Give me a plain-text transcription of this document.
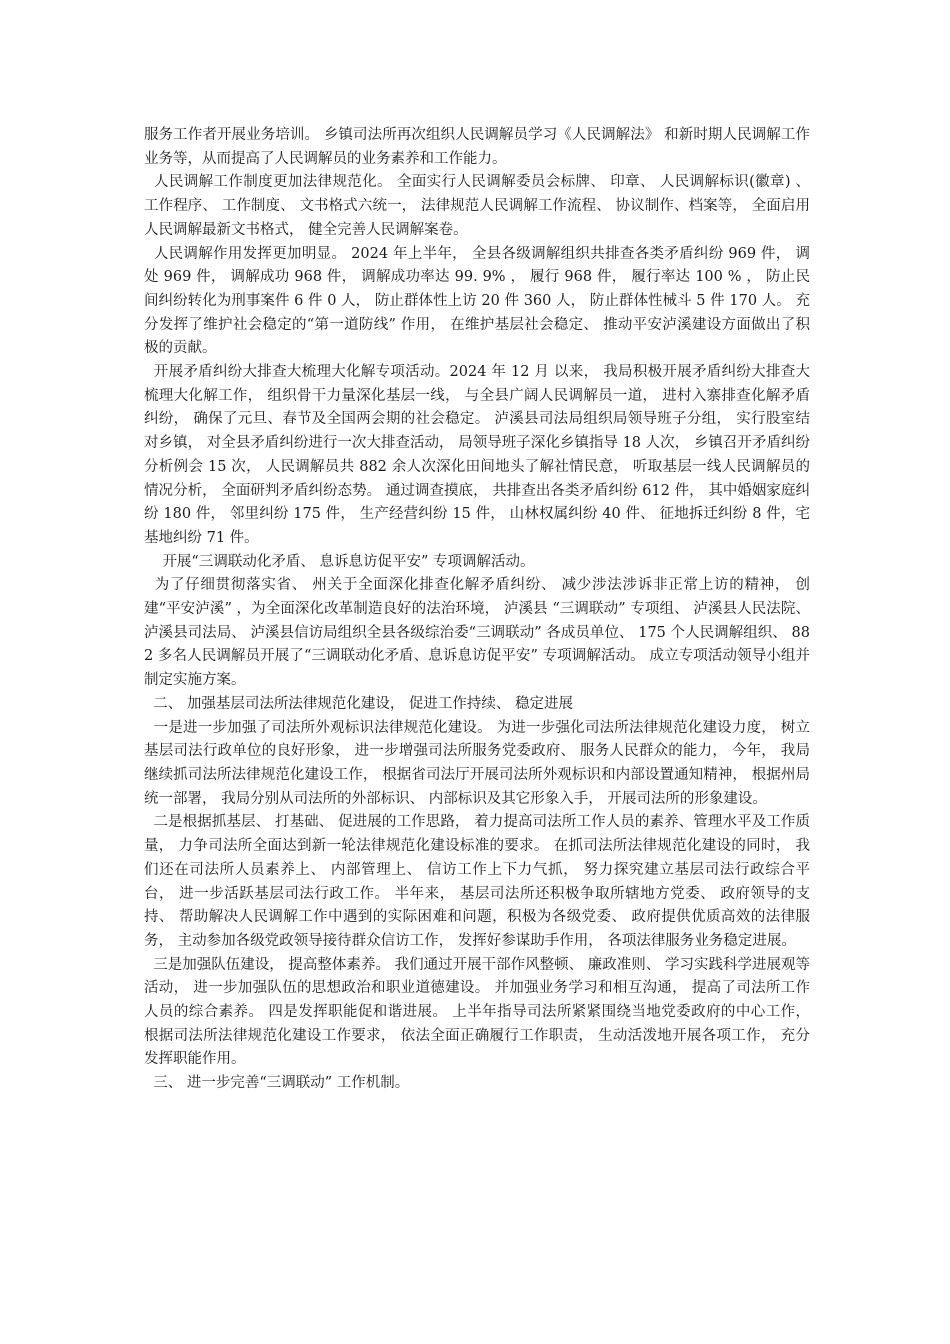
服务工作者开展业务培训。 乡镇司法所再次组织人民调解员学习《人民调解法》 和新时期人民调解工作业务等，从而提高了人民调解员的业务素养和工作能力。

人民调解工作制度更加法律规范化。 全面实行人民调解委员会标牌、 印章、 人民调解标识(徽章) 、 工作程序、 工作制度、 文书格式六统一， 法律规范人民调解工作流程、 协议制作、档案等， 全面启用人民调解最新文书格式， 健全完善人民调解案卷。

人民调解作用发挥更加明显。 2024 年上半年， 全县各级调解组织共排查各类矛盾纠纷 969 件， 调处 969 件， 调解成功 968 件， 调解成功率达 99. 9% ， 履行 968 件， 履行率达 100 % ， 防止民间纠纷转化为刑事案件 6 件 0 人， 防止群体性上访 20 件 360 人， 防止群体性械斗 5 件 170 人。 充分发挥了维护社会稳定的“第一道防线” 作用， 在维护基层社会稳定、 推动平安泸溪建设方面做出了积极的贡献。

开展矛盾纠纷大排查大梳理大化解专项活动。2024 年 12 月 以来， 我局积极开展矛盾纠纷大排查大梳理大化解工作， 组织骨干力量深化基层一线， 与全县广阔人民调解员一道， 进村入寨排查化解矛盾纠纷， 确保了元旦、春节及全国两会期的社会稳定。 泸溪县司法局组织局领导班子分组， 实行股室结对乡镇， 对全县矛盾纠纷进行一次大排查活动， 局领导班子深化乡镇指导 18 人次， 乡镇召开矛盾纠纷分析例会 15 次， 人民调解员共 882 余人次深化田间地头了解社情民意， 听取基层一线人民调解员的情况分析， 全面研判矛盾纠纷态势。 通过调查摸底， 共排查出各类矛盾纠纷 612 件， 其中婚姻家庭纠纷 180 件， 邻里纠纷 175 件， 生产经营纠纷 15 件， 山林权属纠纷 40 件、 征地拆迁纠纷 8 件，宅基地纠纷 71 件。

开展“三调联动化矛盾、 息诉息访促平安” 专项调解活动。

为了仔细贯彻落实省、 州关于全面深化排查化解矛盾纠纷、 减少涉法涉诉非正常上访的精神， 创建“平安泸溪” ，为全面深化改革制造良好的法治环境， 泸溪县 “三调联动” 专项组、 泸溪县人民法院、 泸溪县司法局、 泸溪县信访局组织全县各级综治委“三调联动” 各成员单位、 175 个人民调解组织、 882 多名人民调解员开展了“三调联动化矛盾、息诉息访促平安” 专项调解活动。 成立专项活动领导小组并制定实施方案。

二、 加强基层司法所法律规范化建设， 促进工作持续、 稳定进展

一是进一步加强了司法所外观标识法律规范化建设。 为进一步强化司法所法律规范化建设力度， 树立基层司法行政单位的良好形象， 进一步增强司法所服务党委政府、 服务人民群众的能力， 今年， 我局继续抓司法所法律规范化建设工作， 根据省司法厅开展司法所外观标识和内部设置通知精神， 根据州局统一部署， 我局分别从司法所的外部标识、 内部标识及其它形象入手， 开展司法所的形象建设。

二是根据抓基层、 打基础、 促进展的工作思路， 着力提高司法所工作人员的素养、管理水平及工作质量， 力争司法所全面达到新一轮法律规范化建设标准的要求。 在抓司法所法律规范化建设的同时， 我们还在司法所人员素养上、 内部管理上、 信访工作上下力气抓， 努力探究建立基层司法行政综合平台， 进一步活跃基层司法行政工作。 半年来， 基层司法所还积极争取所辖地方党委、 政府领导的支持、 帮助解决人民调解工作中遇到的实际困难和问题，积极为各级党委、 政府提供优质高效的法律服务， 主动参加各级党政领导接待群众信访工作， 发挥好参谋助手作用， 各项法律服务业务稳定进展。

三是加强队伍建设， 提高整体素养。 我们通过开展干部作风整顿、 廉政准则、 学习实践科学进展观等活动， 进一步加强队伍的思想政治和职业道德建设。 并加强业务学习和相互沟通， 提高了司法所工作人员的综合素养。 四是发挥职能促和谐进展。 上半年指导司法所紧紧围绕当地党委政府的中心工作， 根据司法所法律规范化建设工作要求， 依法全面正确履行工作职责， 生动活泼地开展各项工作， 充分发挥职能作用。

三、 进一步完善“三调联动” 工作机制。
